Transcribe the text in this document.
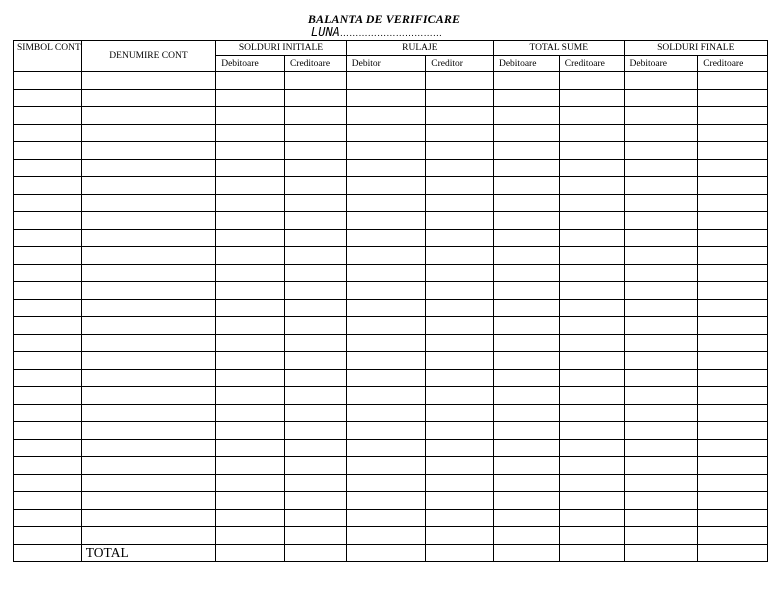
BALANTA DE VERIFICARE
LUNA……………………………
SIMBOL CONT	DENUMIRE CONT	SOLDURI INITIALE		RULAJE		TOTAL SUME		SOLDURI FINALE	
		Debitoare	Creditoare	Debitor	Creditor	Debitoare	Creditoare	Debitoare	Creditoare

	TOTAL								
